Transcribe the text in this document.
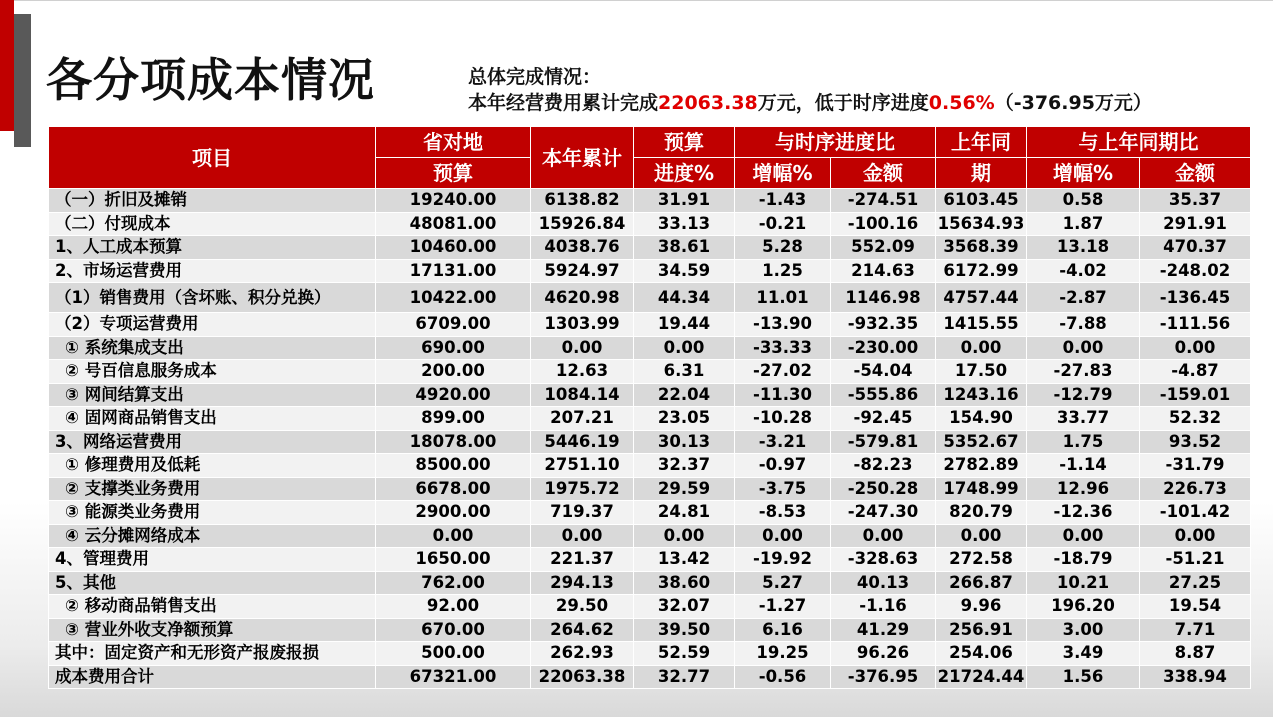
各分项成本情况	总体完成情况：
本年经营费用累计完成22063.38万元，低于时序进度0.56%（-376.95万元）
项目	省对地	本年累计	预算	与时序进度比		上年同	与上年同期比	
	预算		进度%	增幅%	金额	期	增幅%	金额
（一）折旧及摊销	19240.00	6138.82	31.91	-1.43	-274.51	6103.45	0.58	35.37
（二）付现成本	48081.00	15926.84	33.13	-0.21	-100.16	15634.93	1.87	291.91
1、人工成本预算	10460.00	4038.76	38.61	5.28	552.09	3568.39	13.18	470.37
2、市场运营费用	17131.00	5924.97	34.59	1.25	214.63	6172.99	-4.02	-248.02
（1）销售费用（含坏账、积分兑换）	10422.00	4620.98	44.34	11.01	1146.98	4757.44	-2.87	-136.45
（2）专项运营费用	6709.00	1303.99	19.44	-13.90	-932.35	1415.55	-7.88	-111.56
① 系统集成支出	690.00	0.00	0.00	-33.33	-230.00	0.00	0.00	0.00
② 号百信息服务成本	200.00	12.63	6.31	-27.02	-54.04	17.50	-27.83	-4.87
③ 网间结算支出	4920.00	1084.14	22.04	-11.30	-555.86	1243.16	-12.79	-159.01
④ 固网商品销售支出	899.00	207.21	23.05	-10.28	-92.45	154.90	33.77	52.32
3、网络运营费用	18078.00	5446.19	30.13	-3.21	-579.81	5352.67	1.75	93.52
① 修理费用及低耗	8500.00	2751.10	32.37	-0.97	-82.23	2782.89	-1.14	-31.79
② 支撑类业务费用	6678.00	1975.72	29.59	-3.75	-250.28	1748.99	12.96	226.73
③ 能源类业务费用	2900.00	719.37	24.81	-8.53	-247.30	820.79	-12.36	-101.42
④ 云分摊网络成本	0.00	0.00	0.00	0.00	0.00	0.00	0.00	0.00
4、管理费用	1650.00	221.37	13.42	-19.92	-328.63	272.58	-18.79	-51.21
5、其他	762.00	294.13	38.60	5.27	40.13	266.87	10.21	27.25
② 移动商品销售支出	92.00	29.50	32.07	-1.27	-1.16	9.96	196.20	19.54
③ 营业外收支净额预算	670.00	264.62	39.50	6.16	41.29	256.91	3.00	7.71
其中：固定资产和无形资产报废报损	500.00	262.93	52.59	19.25	96.26	254.06	3.49	8.87
成本费用合计	67321.00	22063.38	32.77	-0.56	-376.95	21724.44	1.56	338.94
